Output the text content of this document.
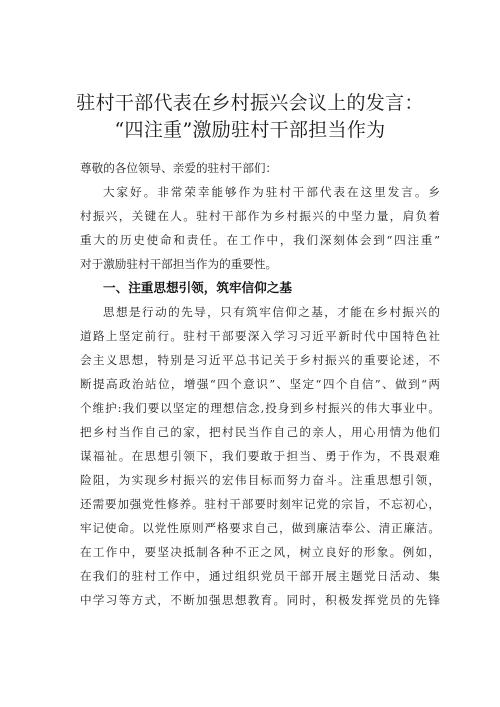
驻村干部代表在乡村振兴会议上的发言：
“四注重”激励驻村干部担当作为
尊敬的各位领导、亲爱的驻村干部们：
大家好。非常荣幸能够作为驻村干部代表在这里发言。乡
村振兴，关键在人。驻村干部作为乡村振兴的中坚力量，肩负着
重大的历史使命和责任。在工作中，我们深刻体会到“四注重”
对于激励驻村干部担当作为的重要性。
一、注重思想引领，筑牢信仰之基
思想是行动的先导，只有筑牢信仰之基，才能在乡村振兴的
道路上坚定前行。驻村干部要深入学习习近平新时代中国特色社
会主义思想，特别是习近平总书记关于乡村振兴的重要论述，不
断提高政治站位，增强“四个意识”、坚定“四个自信”、做到“两
个维护:我们要以坚定的理想信念,投身到乡村振兴的伟大事业中。
把乡村当作自己的家，把村民当作自己的亲人，用心用情为他们
谋福祉。在思想引领下，我们要敢于担当、勇于作为，不畏艰难
险阻，为实现乡村振兴的宏伟目标而努力奋斗。注重思想引领，
还需要加强党性修养。驻村干部要时刻牢记党的宗旨，不忘初心，
牢记使命。以党性原则严格要求自己，做到廉洁奉公、清正廉洁。
在工作中，要坚决抵制各种不正之风，树立良好的形象。例如，
在我们的驻村工作中，通过组织党员干部开展主题党日活动、集
中学习等方式，不断加强思想教育。同时，积极发挥党员的先锋
